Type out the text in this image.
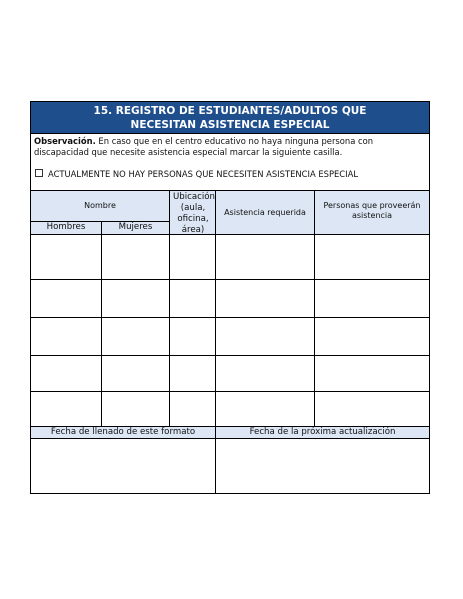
15. REGISTRO DE ESTUDIANTES/ADULTOS QUE
NECESITAN ASISTENCIA ESPECIAL
Observación. En caso que en el centro educativo no haya ninguna persona con discapacidad que necesite asistencia especial marcar la siguiente casilla.
ACTUALMENTE NO HAY PERSONAS QUE NECESITEN ASISTENCIA ESPECIAL
Nombre
Hombres	Mujeres
Ubicación (aula, oficina, área)
Asistencia requerida
Personas que proveerán asistencia
Fecha de llenado de este formato	Fecha de la próxima actualización
